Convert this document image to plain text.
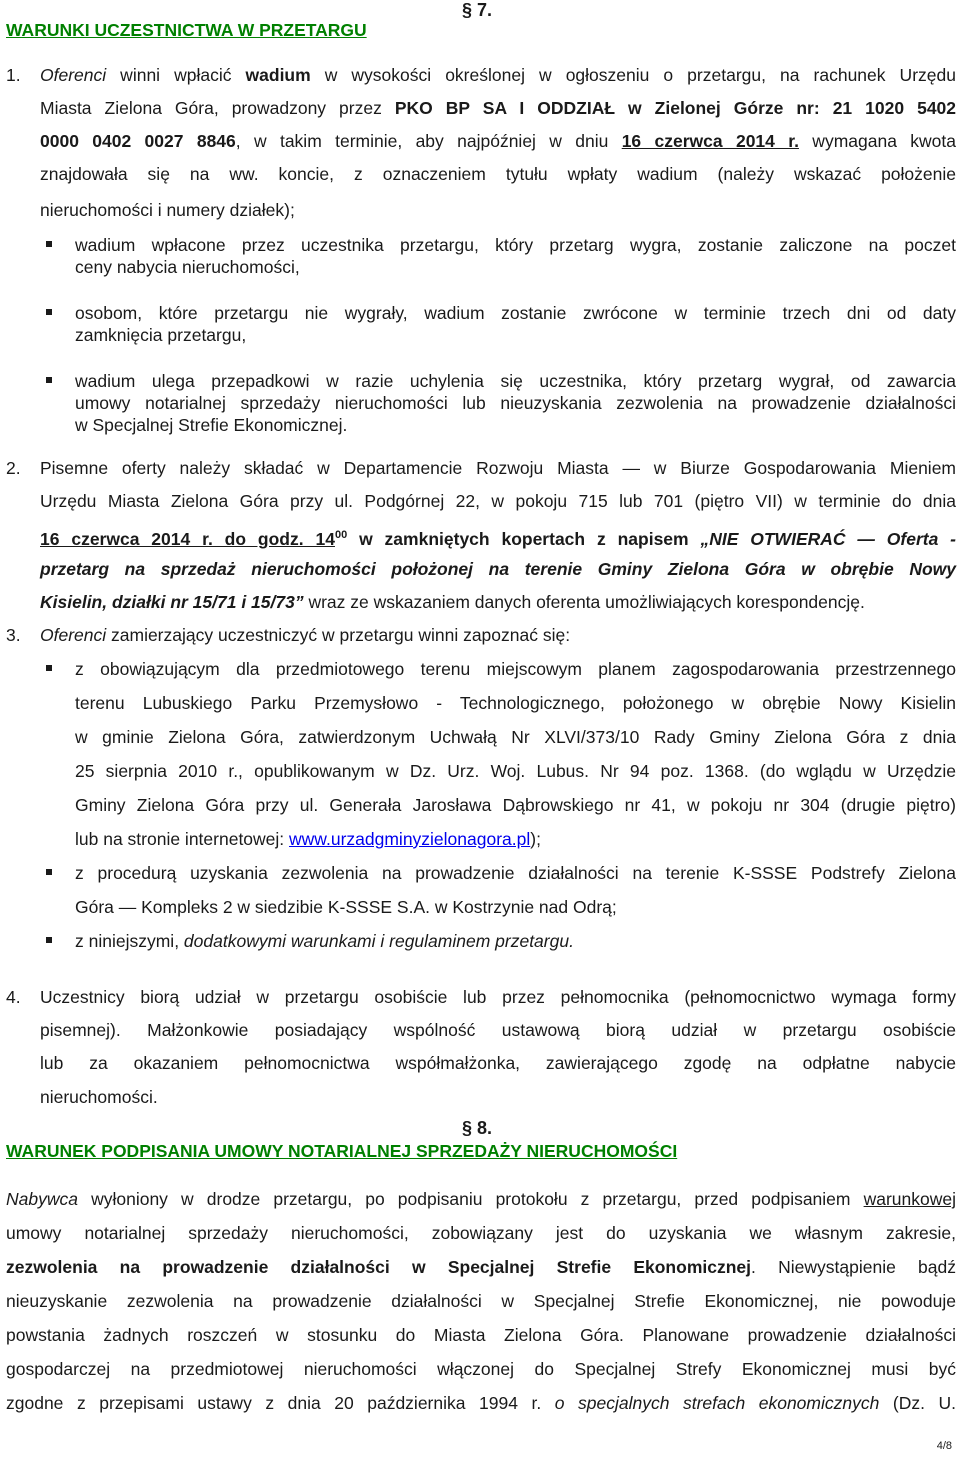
WARUNKI UCZESTNICTWA W PRZETARGU
§ 7.
1. Oferenci winni wpłacić wadium w wysokości określonej w ogłoszeniu o przetargu, na rachunek Urzędu
Miasta Zielona Góra, prowadzony przez PKO BP SA I ODDZIAŁ w Zielonej Górze nr: 21 1020 5402
0000 0402 0027 8846, w takim terminie, aby najpóźniej w dniu 16 czerwca 2014 r. wymagana kwota
znajdowała się na ww. koncie, z oznaczeniem tytułu wpłaty wadium (należy wskazać położenie
nieruchomości i numery działek);
wadium wpłacone przez uczestnika przetargu, który przetarg wygra, zostanie zaliczone na poczet
ceny nabycia nieruchomości,
osobom, które przetargu nie wygrały, wadium zostanie zwrócone w terminie trzech dni od daty
zamknięcia przetargu,
wadium ulega przepadkowi w razie uchylenia się uczestnika, który przetarg wygrał, od zawarcia
umowy notarialnej sprzedaży nieruchomości lub nieuzyskania zezwolenia na prowadzenie działalności
w Specjalnej Strefie Ekonomicznej.
2. Pisemne oferty należy składać w Departamencie Rozwoju Miasta — w Biurze Gospodarowania Mieniem
Urzędu Miasta Zielona Góra przy ul. Podgórnej 22, w pokoju 715 lub 701 (piętro VII) w terminie do dnia
16 czerwca 2014 r. do godz. $14^{00}$ w zamkniętych kopertach z napisem „NIE OTWIERAĆ — Oferta -
przetarg na sprzedaż nieruchomości położonej na terenie Gminy Zielona Góra w obrębie Nowy
Kisielin, działki nr 15/71 i 15/73” wraz ze wskazaniem danych oferenta umożliwiających korespondencję.
3. Oferenci zamierzający uczestniczyć w przetargu winni zapoznać się:
z obowiązującym dla przedmiotowego terenu miejscowym planem zagospodarowania przestrzennego
terenu Lubuskiego Parku Przemysłowo - Technologicznego, położonego w obrębie Nowy Kisielin
w gminie Zielona Góra, zatwierdzonym Uchwałą Nr XLVI/373/10 Rady Gminy Zielona Góra z dnia
25 sierpnia 2010 r., opublikowanym w Dz. Urz. Woj. Lubus. Nr 94 poz. 1368. (do wglądu w Urzędzie
Gminy Zielona Góra przy ul. Generała Jarosława Dąbrowskiego nr 41, w pokoju nr 304 (drugie piętro)
lub na stronie internetowej: www.urzadgminyzielonagora.pl);
z procedurą uzyskania zezwolenia na prowadzenie działalności na terenie K-SSSE Podstrefy Zielona
Góra — Kompleks 2 w siedzibie K-SSSE S.A. w Kostrzynie nad Odrą;
z niniejszymi, dodatkowymi warunkami i regulaminem przetargu.
4. Uczestnicy biorą udział w przetargu osobiście lub przez pełnomocnika (pełnomocnictwo wymaga formy
pisemnej). Małżonkowie posiadający wspólność ustawową biorą udział w przetargu osobiście
lub za okazaniem pełnomocnictwa współmałżonka, zawierającego zgodę na odpłatne nabycie
nieruchomości.
§ 8.
WARUNEK PODPISANIA UMOWY NOTARIALNEJ SPRZEDAŻY NIERUCHOMOŚCI
Nabywca wyłoniony w drodze przetargu, po podpisaniu protokołu z przetargu, przed podpisaniem warunkowej
umowy notarialnej sprzedaży nieruchomości, zobowiązany jest do uzyskania we własnym zakresie,
zezwolenia na prowadzenie działalności w Specjalnej Strefie Ekonomicznej. Niewystąpienie bądź
nieuzyskanie zezwolenia na prowadzenie działalności w Specjalnej Strefie Ekonomicznej, nie powoduje
powstania żadnych roszczeń w stosunku do Miasta Zielona Góra. Planowane prowadzenie działalności
gospodarczej na przedmiotowej nieruchomości włączonej do Specjalnej Strefy Ekonomicznej musi być
zgodne z przepisami ustawy z dnia 20 października 1994 r. o specjalnych strefach ekonomicznych (Dz. U.
4/8
